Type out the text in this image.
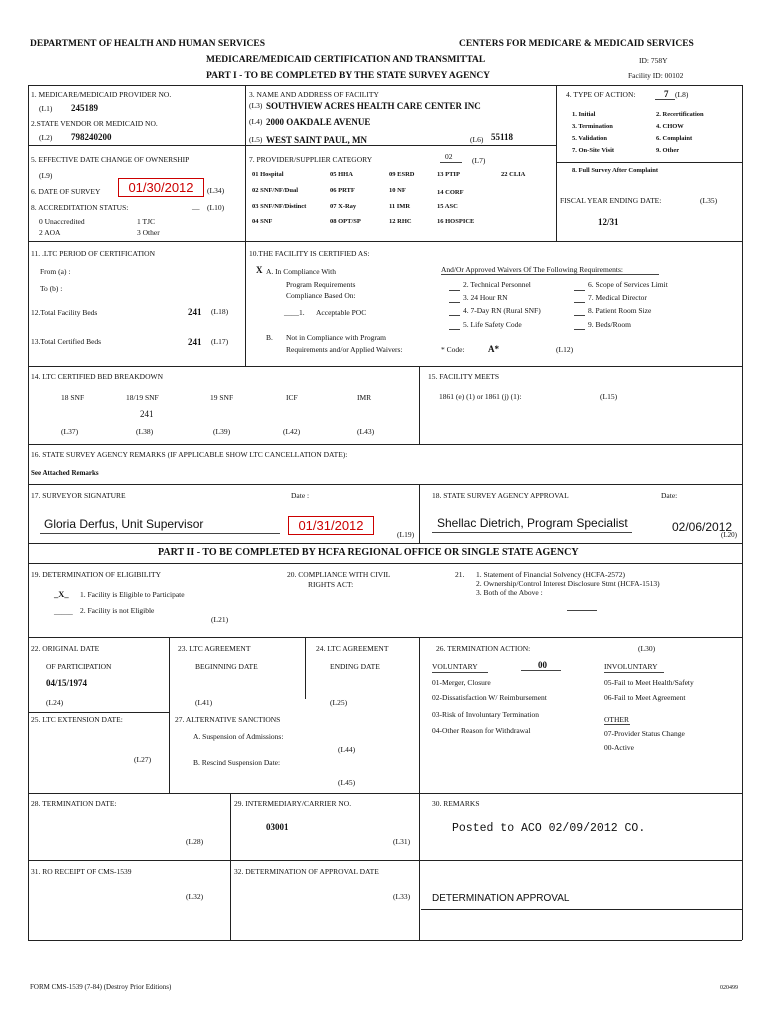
DEPARTMENT OF HEALTH AND HUMAN SERVICES	CENTERS FOR MEDICARE & MEDICAID SERVICES
MEDICARE/MEDICAID CERTIFICATION AND TRANSMITTAL	ID: 758Y
PART I - TO BE COMPLETED BY THE STATE SURVEY AGENCY	Facility ID: 00102
1. MEDICARE/MEDICAID PROVIDER NO.
(L1) 245189
2.STATE VENDOR OR MEDICAID NO.
(L2) 798240200
3. NAME AND ADDRESS OF FACILITY
(L3) SOUTHVIEW ACRES HEALTH CARE CENTER INC
(L4) 2000 OAKDALE AVENUE
(L5) WEST SAINT PAUL, MN	(L6) 55118
4. TYPE OF ACTION:	7 (L8)
1. Initial	2. Recertification
3. Termination	4. CHOW
5. Validation	6. Complaint
7. On-Site Visit	9. Other
8. Full Survey After Complaint
5. EFFECTIVE DATE CHANGE OF OWNERSHIP
(L9)
6. DATE OF SURVEY	01/30/2012	(L34)
8. ACCREDITATION STATUS:	__ (L10)
0 Unaccredited	1 TJC
2 AOA	3 Other
7. PROVIDER/SUPPLIER CATEGORY	02	(L7)
01 Hospital	05 HHA	09 ESRD	13 PTIP	22 CLIA
02 SNF/NF/Dual	06 PRTF	10 NF	14 CORF
03 SNF/NF/Distinct	07 X-Ray	11 IMR	15 ASC
04 SNF	08 OPT/SP	12 RHC	16 HOSPICE
FISCAL YEAR ENDING DATE:	(L35)
12/31
11. .LTC PERIOD OF CERTIFICATION
From (a) :
To (b) :
12.Total Facility Beds	241 (L18)
13.Total Certified Beds	241 (L17)
10.THE FACILITY IS CERTIFIED AS:
X A. In Compliance With
Program Requirements
Compliance Based On:
____1. Acceptable POC
B. Not in Compliance with Program
Requirements and/or Applied Waivers:
And/Or Approved Waivers Of The Following Requirements:
2. Technical Personnel
3. 24 Hour RN
4. 7-Day RN (Rural SNF)
5. Life Safety Code
6. Scope of Services Limit
7. Medical Director
8. Patient Room Size
9. Beds/Room
* Code:	A*	(L12)
14. LTC CERTIFIED BED BREAKDOWN
18 SNF	18/19 SNF	19 SNF	ICF	IMR
241
(L37)	(L38)	(L39)	(L42)	(L43)
15. FACILITY MEETS
1861 (e) (1) or 1861 (j) (1):	(L15)
16. STATE SURVEY AGENCY REMARKS (IF APPLICABLE SHOW LTC CANCELLATION DATE):
See Attached Remarks
17. SURVEYOR SIGNATURE	Date :
Gloria Derfus, Unit Supervisor	01/31/2012
(L19)
18. STATE SURVEY AGENCY APPROVAL	Date:
Shellac Dietrich, Program Specialist	02/06/2012
(L20)
PART II - TO BE COMPLETED BY HCFA REGIONAL OFFICE OR SINGLE STATE AGENCY
19. DETERMINATION OF ELIGIBILITY
_X_ 1. Facility is Eligible to Participate
_____ 2. Facility is not Eligible
(L21)
20. COMPLIANCE WITH CIVIL
RIGHTS ACT:
21. 1. Statement of Financial Solvency (HCFA-2572)
2. Ownership/Control Interest Disclosure Stmt (HCFA-1513)
3. Both of the Above :
22. ORIGINAL DATE
OF PARTICIPATION
04/15/1974
(L24)
23. LTC AGREEMENT
BEGINNING DATE
(L41)
24. LTC AGREEMENT
ENDING DATE
(L25)
25. LTC EXTENSION DATE:
(L27)
27. ALTERNATIVE SANCTIONS
A. Suspension of Admissions:
(L44)
B. Rescind Suspension Date:
(L45)
26. TERMINATION ACTION:	(L30)
VOLUNTARY	00	INVOLUNTARY
01-Merger, Closure
02-Dissatisfaction W/ Reimbursement
03-Risk of Involuntary Termination
04-Other Reason for Withdrawal
05-Fail to Meet Health/Safety
06-Fail to Meet Agreement
OTHER
07-Provider Status Change
00-Active
28. TERMINATION DATE:
(L28)
29. INTERMEDIARY/CARRIER NO.
03001
(L31)
30. REMARKS
Posted to ACO 02/09/2012 CO.
31. RO RECEIPT OF CMS-1539
(L32)
32. DETERMINATION OF APPROVAL DATE
(L33) DETERMINATION APPROVAL
FORM CMS-1539 (7-84) (Destroy Prior Editions)	020499
